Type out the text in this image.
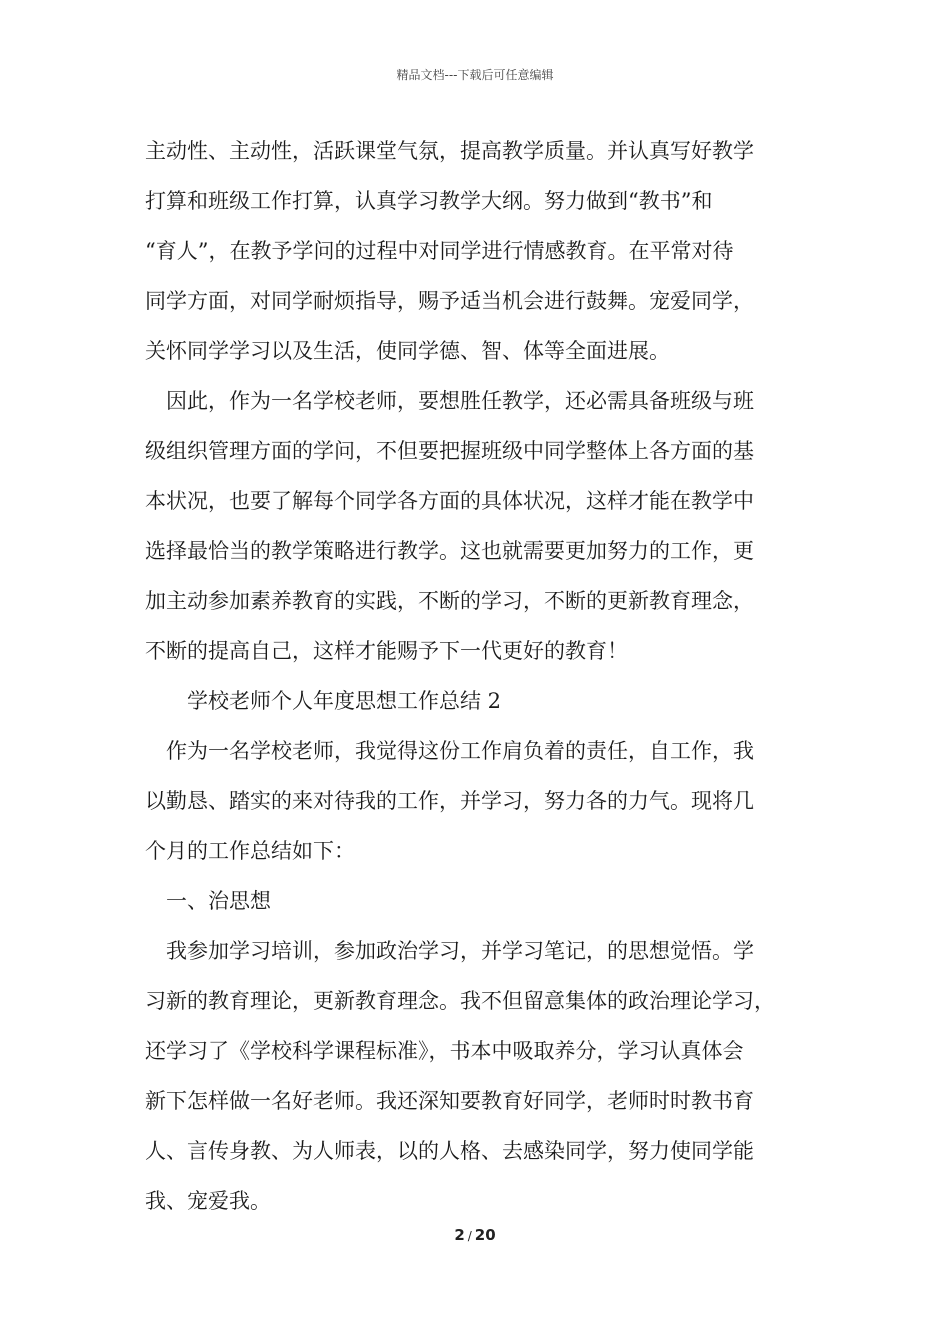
精品文档---下载后可任意编辑
主动性、主动性，活跃课堂气氛，提高教学质量。并认真写好教学
打算和班级工作打算，认真学习教学大纲。努力做到“教书”和
“育人”，在教予学问的过程中对同学进行情感教育。在平常对待
同学方面，对同学耐烦指导，赐予适当机会进行鼓舞。宠爱同学，
关怀同学学习以及生活，使同学德、智、体等全面进展。
因此，作为一名学校老师，要想胜任教学，还必需具备班级与班
级组织管理方面的学问，不但要把握班级中同学整体上各方面的基
本状况，也要了解每个同学各方面的具体状况，这样才能在教学中
选择最恰当的教学策略进行教学。这也就需要更加努力的工作，更
加主动参加素养教育的实践，不断的学习，不断的更新教育理念，
不断的提高自己，这样才能赐予下一代更好的教育！
学校老师个人年度思想工作总结 2
作为一名学校老师，我觉得这份工作肩负着的责任，自工作，我
以勤恳、踏实的来对待我的工作，并学习，努力各的力气。现将几
个月的工作总结如下：
一、治思想
我参加学习培训，参加政治学习，并学习笔记，的思想觉悟。学
习新的教育理论，更新教育理念。我不但留意集体的政治理论学习，
还学习了《学校科学课程标准》，书本中吸取养分，学习认真体会
新下怎样做一名好老师。我还深知要教育好同学，老师时时教书育
人、言传身教、为人师表，以的人格、去感染同学，努力使同学能
我、宠爱我。
2 / 20
